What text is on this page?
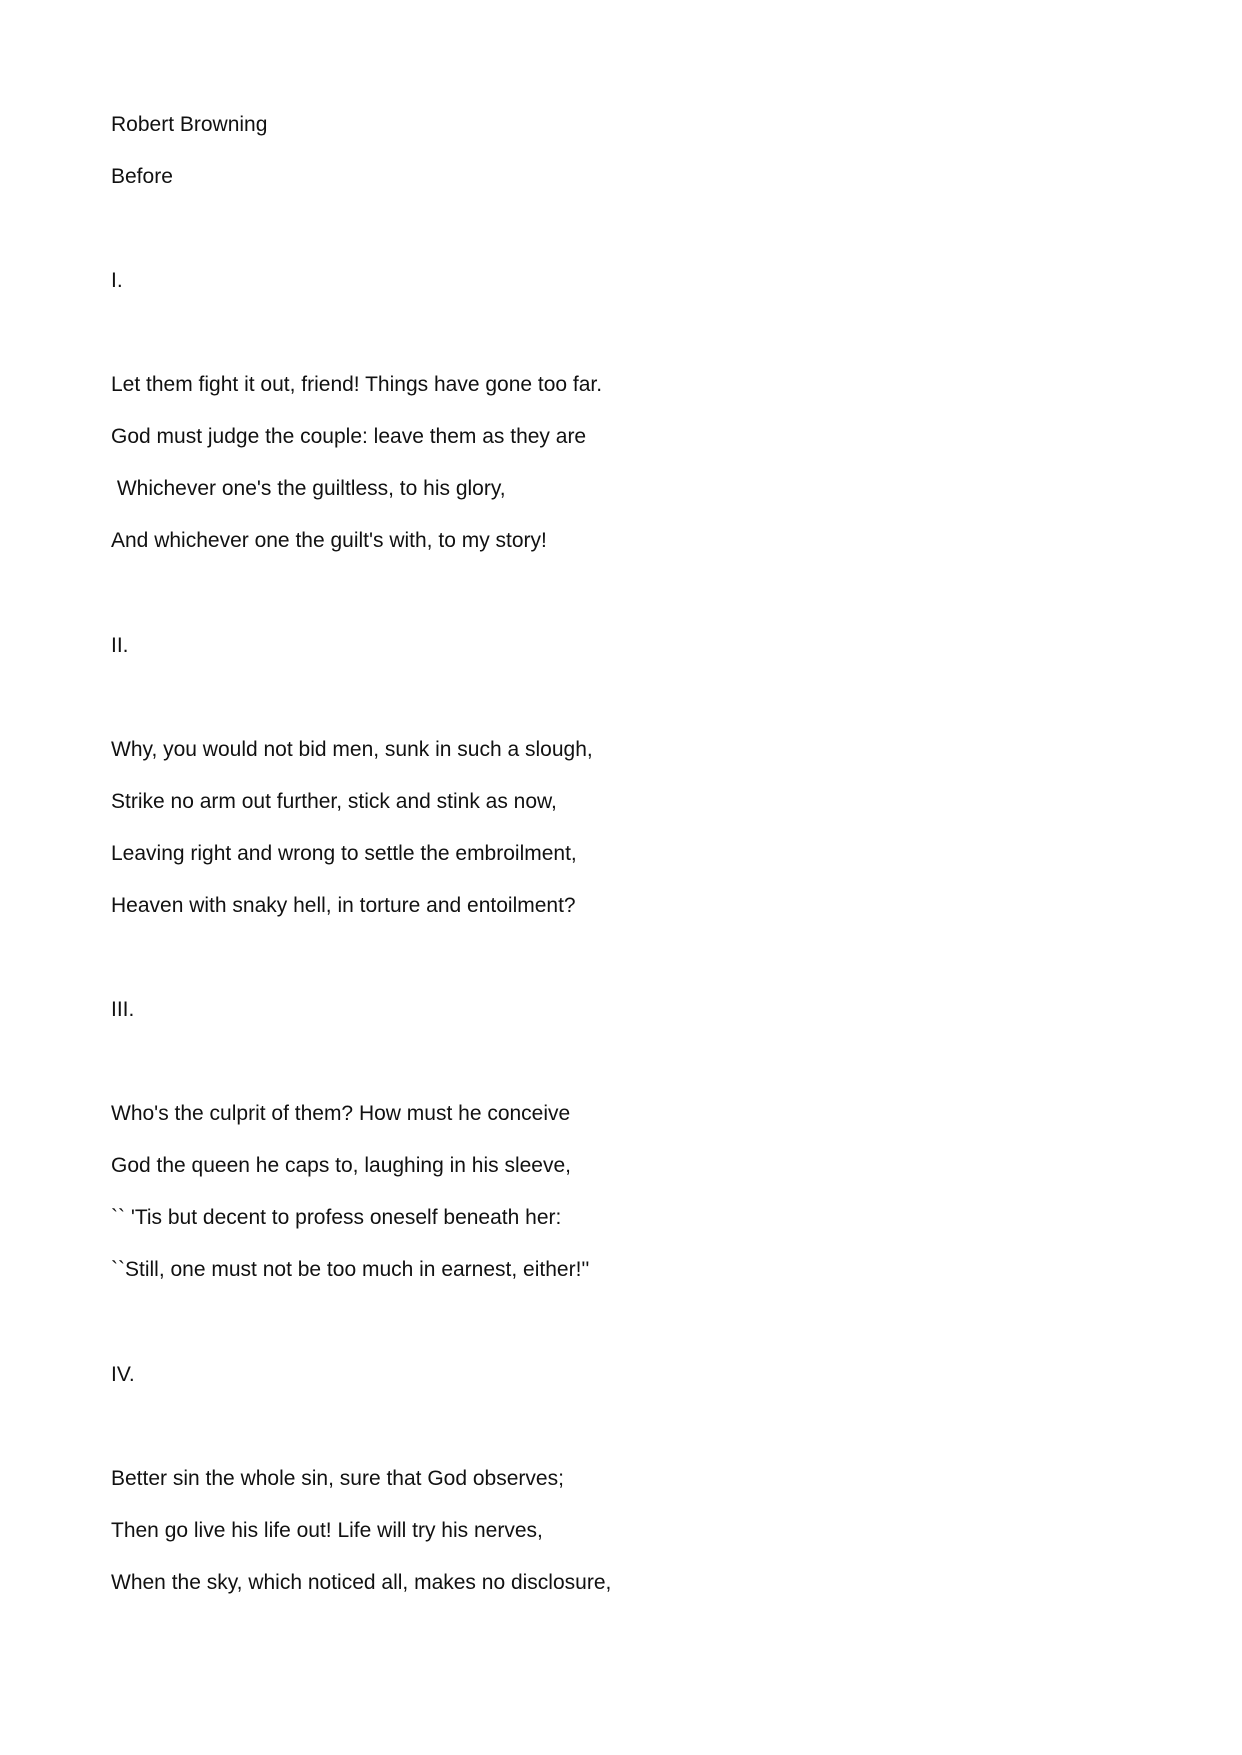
Robert Browning
Before
I.
Let them fight it out, friend! Things have gone too far.
God must judge the couple: leave them as they are
Whichever one's the guiltless, to his glory,
And whichever one the guilt's with, to my story!
II.
Why, you would not bid men, sunk in such a slough,
Strike no arm out further, stick and stink as now,
Leaving right and wrong to settle the embroilment,
Heaven with snaky hell, in torture and entoilment?
III.
Who's the culprit of them? How must he conceive
God the queen he caps to, laughing in his sleeve,
`` 'Tis but decent to profess oneself beneath her:
``Still, one must not be too much in earnest, either!''
IV.
Better sin the whole sin, sure that God observes;
Then go live his life out! Life will try his nerves,
When the sky, which noticed all, makes no disclosure,
